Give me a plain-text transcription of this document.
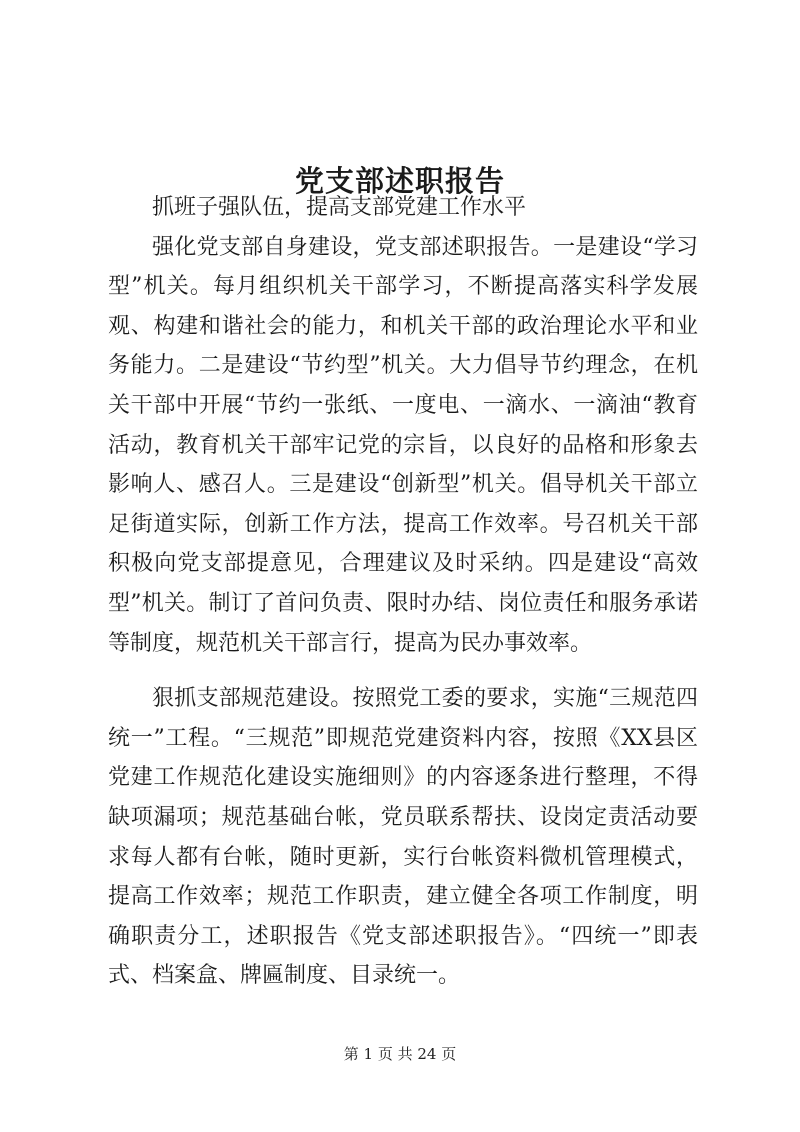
党支部述职报告

抓班子强队伍，提高支部党建工作水平

强化党支部自身建设，党支部述职报告。一是建设“学习型”机关。每月组织机关干部学习，不断提高落实科学发展观、构建和谐社会的能力，和机关干部的政治理论水平和业务能力。二是建设“节约型”机关。大力倡导节约理念，在机关干部中开展“节约一张纸、一度电、一滴水、一滴油“教育活动，教育机关干部牢记党的宗旨，以良好的品格和形象去影响人、感召人。三是建设“创新型”机关。倡导机关干部立足街道实际，创新工作方法，提高工作效率。号召机关干部积极向党支部提意见，合理建议及时采纳。四是建设“高效型”机关。制订了首问负责、限时办结、岗位责任和服务承诺等制度，规范机关干部言行，提高为民办事效率。

狠抓支部规范建设。按照党工委的要求，实施“三规范四统一”工程。“三规范”即规范党建资料内容，按照《XX县区党建工作规范化建设实施细则》的内容逐条进行整理，不得缺项漏项；规范基础台帐，党员联系帮扶、设岗定责活动要求每人都有台帐，随时更新，实行台帐资料微机管理模式，提高工作效率；规范工作职责，建立健全各项工作制度，明确职责分工，述职报告《党支部述职报告》。“四统一”即表式、档案盒、牌匾制度、目录统一。

第 1 页 共 24 页
